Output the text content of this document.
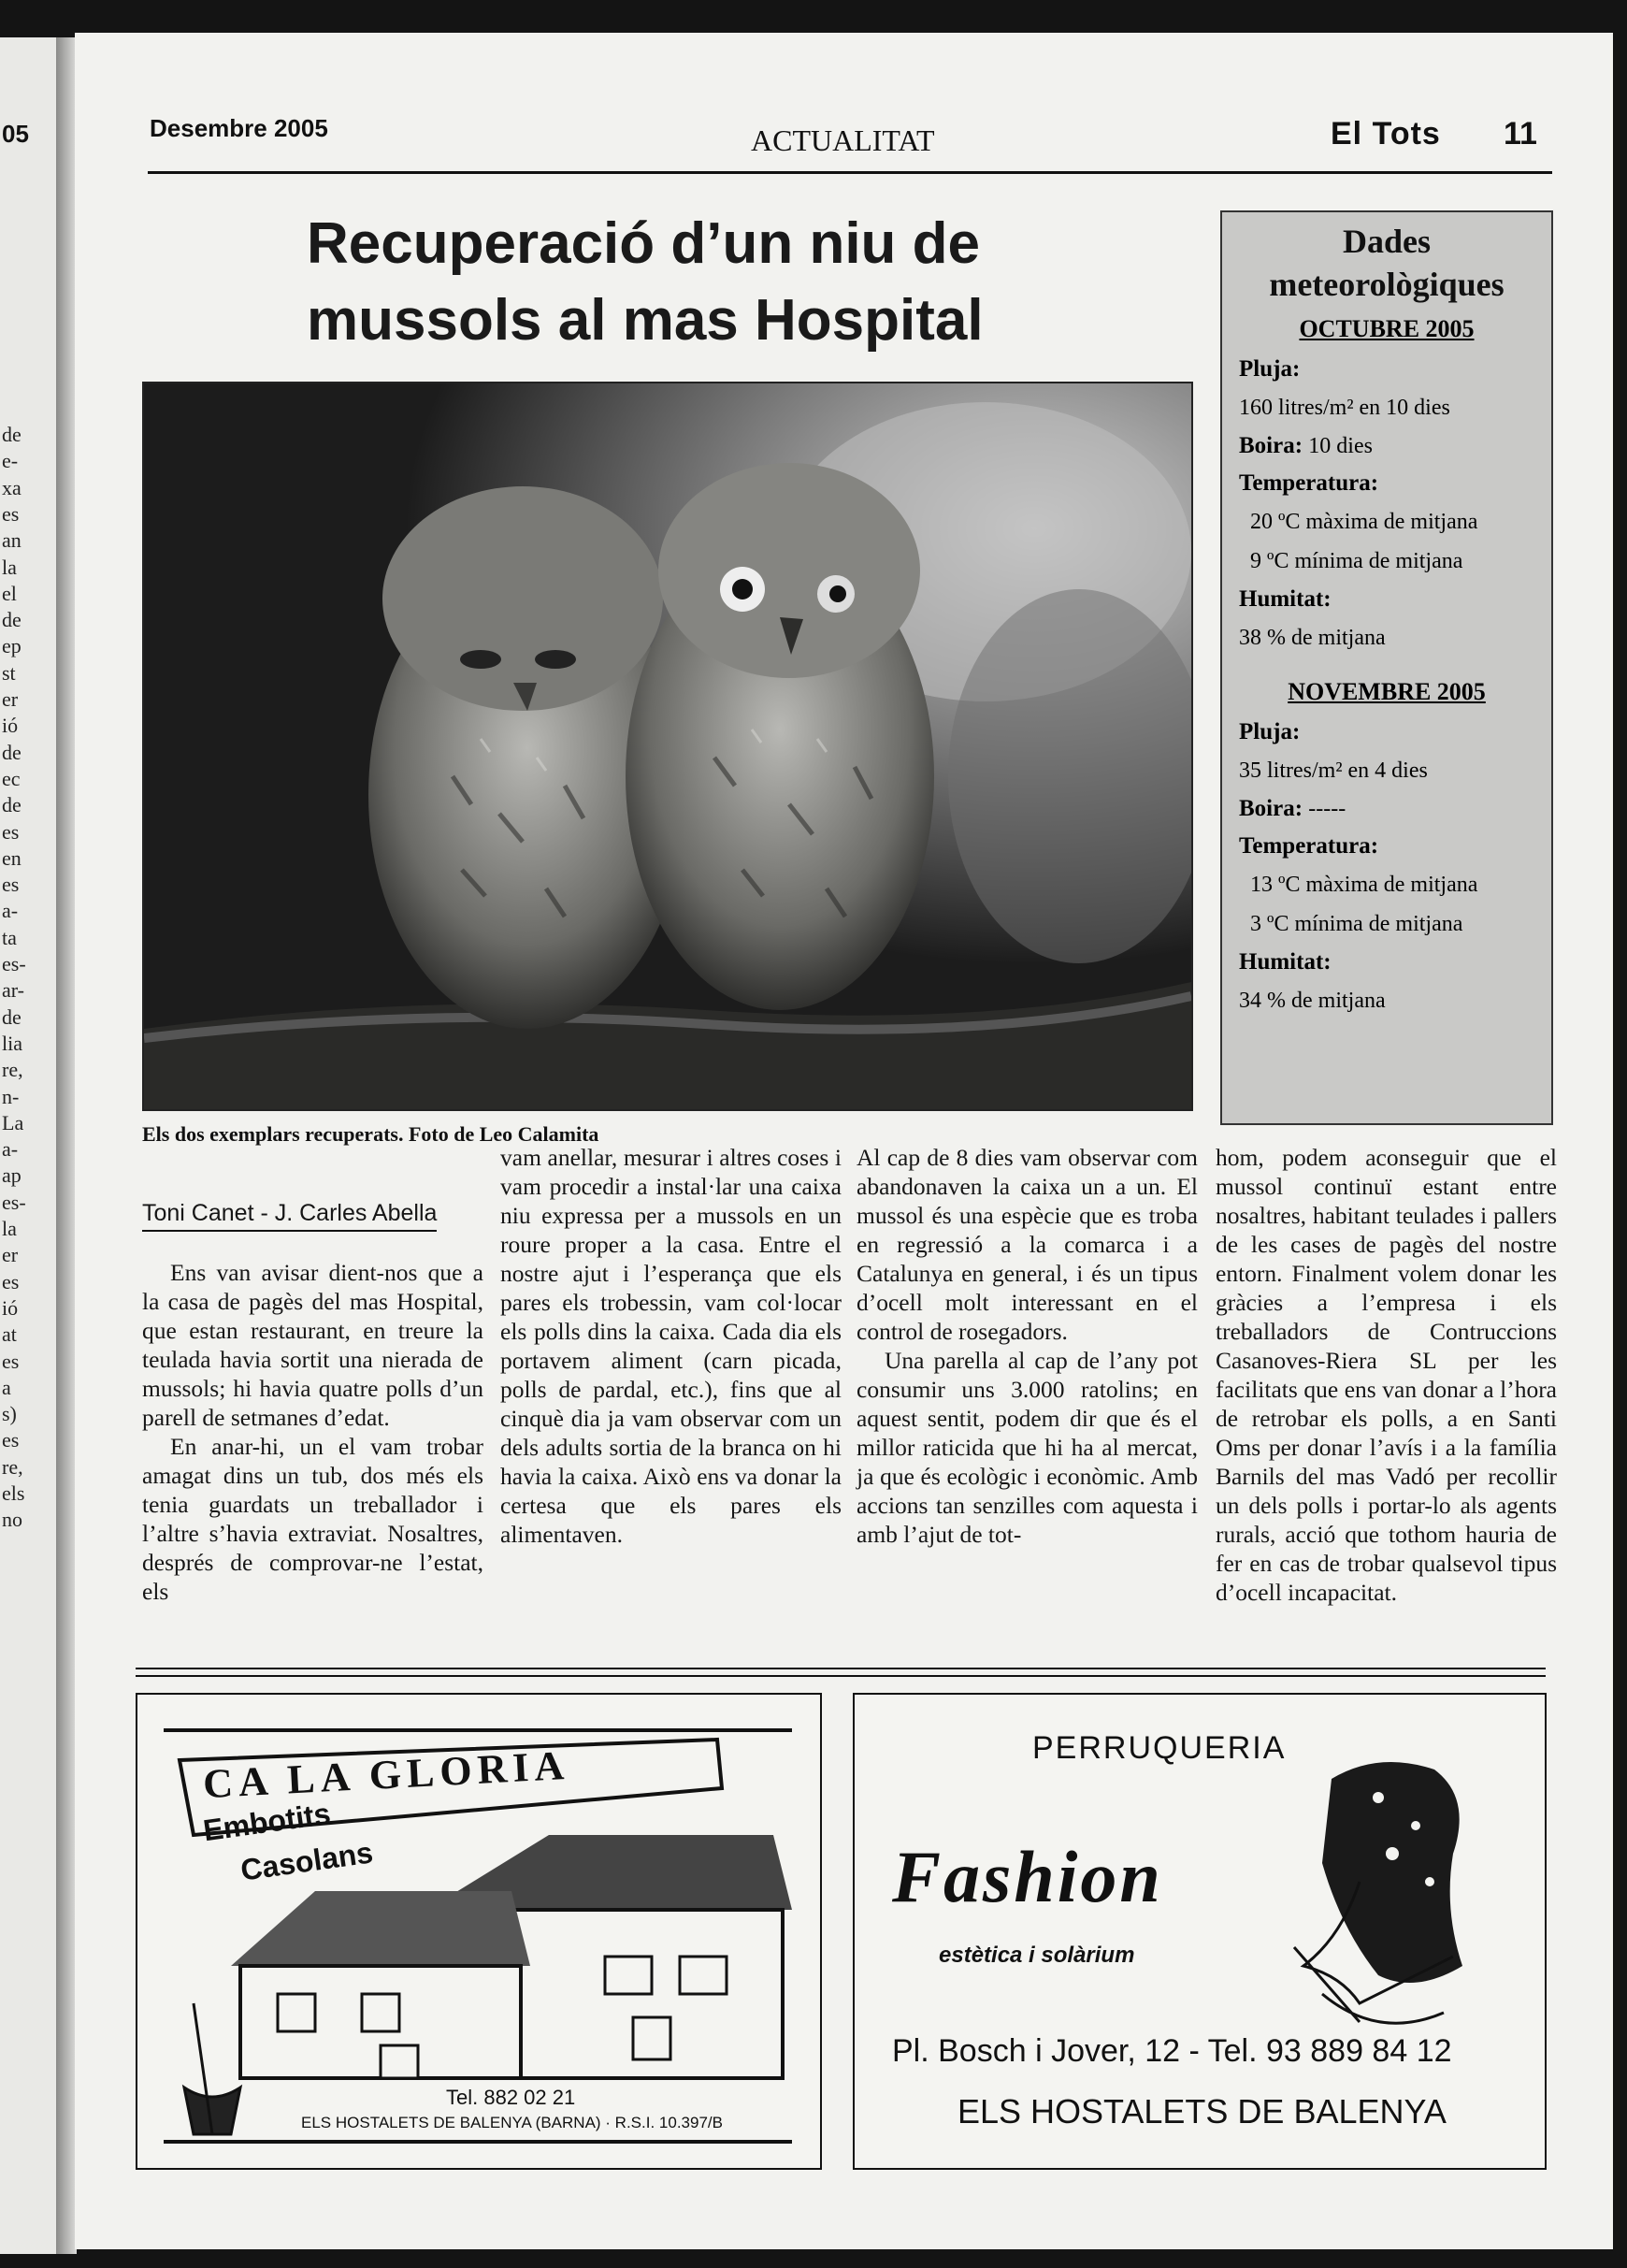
05
de
e-
xa
es
an
la
el
de
ep
st
er
ió
de
ec
de
es
en
es
a-
ta
es-
ar-
de
lia
re,
n-
La
a-
ap
es-
la
er
es
ió
at
es
a
s)
es
re,
els
no
Desembre 2005	ACTUALITAT	El Tots 11
Recuperació d’un niu de
mussols al mas Hospital
Els dos exemplars recuperats. Foto de Leo Calamita
Dades
meteorològiques
OCTUBRE 2005
Pluja:
160 litres/m² en 10 dies
Boira: 10 dies
Temperatura:
20 ºC màxima de mitjana
9 ºC mínima de mitjana
Humitat:
38 % de mitjana
NOVEMBRE 2005
Pluja:
35 litres/m² en 4 dies
Boira: -----
Temperatura:
13 ºC màxima de mitjana
3 ºC mínima de mitjana
Humitat:
34 % de mitjana
Toni Canet - J. Carles Abella

Ens van avisar dient-nos que a la casa de pagès del mas Hospital, que estan restaurant, en treure la teulada havia sortit una nierada de mussols; hi havia quatre polls d’un parell de setmanes d’edat.

En anar-hi, un el vam trobar amagat dins un tub, dos més els tenia guardats un treballador i l’altre s’havia extraviat. Nosaltres, després de comprovar-ne l’estat, els

vam anellar, mesurar i altres coses i vam procedir a instal·lar una caixa niu expressa per a mussols en un roure proper a la casa. Entre el nostre ajut i l’esperança que els pares els trobessin, vam col·locar els polls dins la caixa. Cada dia els portavem aliment (carn picada, polls de pardal, etc.), fins que al cinquè dia ja vam observar com un dels adults sortia de la branca on hi havia la caixa. Això ens va donar la certesa que els pares els alimentaven.

Al cap de 8 dies vam observar com abandonaven la caixa un a un. El mussol és una espècie que es troba en regressió a la comarca i a Catalunya en general, i és un tipus d’ocell molt interessant en el control de rosegadors.

Una parella al cap de l’any pot consumir uns 3.000 ratolins; en aquest sentit, podem dir que és el millor raticida que hi ha al mercat, ja que és ecològic i econòmic. Amb accions tan senzilles com aquesta i amb l’ajut de tot-

hom, podem aconseguir que el mussol continuï estant entre nosaltres, habitant teulades i pallers de les cases de pagès del nostre entorn. Finalment volem donar les gràcies a l’empresa i els treballadors de Contruccions Casanoves-Riera SL per les facilitats que ens van donar a l’hora de retrobar els polls, a en Santi Oms per donar l’avís i a la família Barnils del mas Vadó per recollir un dels polls i portar-lo als agents rurals, acció que tothom hauria de fer en cas de trobar qualsevol tipus d’ocell incapacitat.

CA LA GLORIA
Embotits
Casolans
Tel. 882 02 21
ELS HOSTALETS DE BALENYA (BARNA) · R.S.I. 10.397/B
PERRUQUERIA
Fashion
estètica i solàrium
Pl. Bosch i Jover, 12 - Tel. 93 889 84 12
ELS HOSTALETS DE BALENYA
